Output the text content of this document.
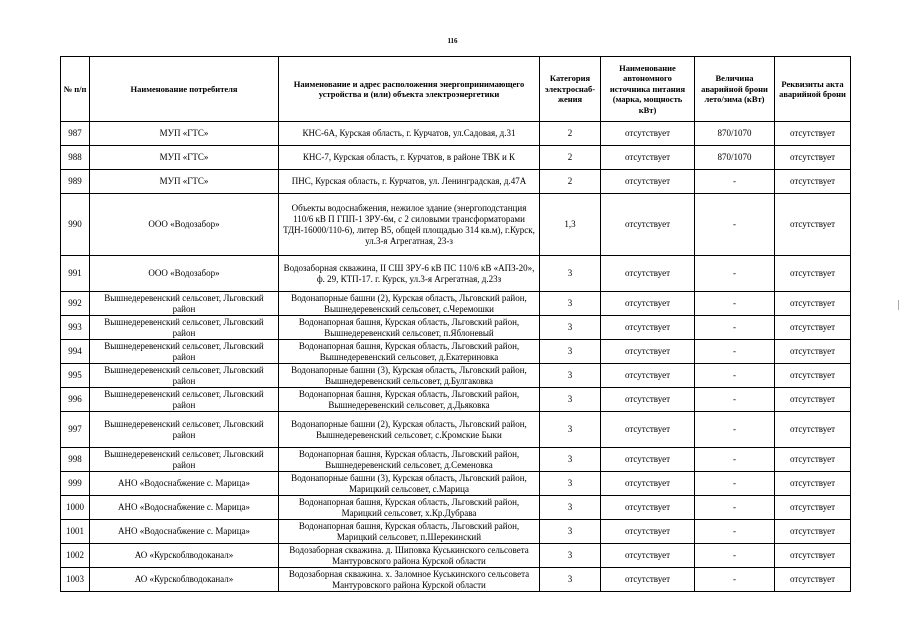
116
№ п/п	Наименование потребителя	Наименование и адрес расположения энергопринимающего устройства и (или) объекта электроэнергетики	Категория электроснаб-жения	Наименование автономного источника питания (марка, мощность кВт)	Величина аварийной брони лето/зима (кВт)	Реквизиты акта аварийной брони
987	МУП «ГТС»	КНС-6А, Курская область, г. Курчатов, ул.Садовая, д.31	2	отсутствует	870/1070	отсутствует
988	МУП «ГТС»	КНС-7, Курская область, г. Курчатов, в районе ТВК и К	2	отсутствует	870/1070	отсутствует
989	МУП «ГТС»	ПНС, Курская область, г. Курчатов, ул. Ленинградская, д.47А	2	отсутствует	-	отсутствует
990	ООО «Водозабор»	Объекты водоснабжения, нежилое здание (энергоподстанция 110/6 кВ П ГПП-1 ЗРУ-6м, с 2 силовыми трансформаторами ТДН-16000/110-6), литер В5, общей площадью 314 кв.м), г.Курск, ул.3-я Агрегатная, 23-з	1,3	отсутствует	-	отсутствует
991	ООО «Водозабор»	Водозаборная скважина, II СШ ЗРУ-6 кВ ПС 110/6 кВ «АПЗ-20», ф. 29, КТП-17. г. Курск, ул.3-я Агрегатная, д.23з	3	отсутствует	-	отсутствует
992	Вышнедеревенский сельсовет, Льговский район	Водонапорные башни (2), Курская область, Льговский район, Вышнедеревенский сельсовет, с.Черемошки	3	отсутствует	-	отсутствует
993	Вышнедеревенский сельсовет, Льговский район	Водонапорная башня, Курская область, Льговский район, Вышнедеревенский сельсовет, п.Яблоневый	3	отсутствует	-	отсутствует
994	Вышнедеревенский сельсовет, Льговский район	Водонапорная башня, Курская область, Льговский район, Вышнедеревенский сельсовет, д.Екатериновка	3	отсутствует	-	отсутствует
995	Вышнедеревенский сельсовет, Льговский район	Водонапорные башни (3), Курская область, Льговский район, Вышнедеревенский сельсовет, д.Булгаковка	3	отсутствует	-	отсутствует
996	Вышнедеревенский сельсовет, Льговский район	Водонапорная башня, Курская область, Льговский район, Вышнедеревенский сельсовет, д.Дьяковка	3	отсутствует	-	отсутствует
997	Вышнедеревенский сельсовет, Льговский район	Водонапорные башни (2), Курская область, Льговский район, Вышнедеревенский сельсовет, с.Кромские Быки	3	отсутствует	-	отсутствует
998	Вышнедеревенский сельсовет, Льговский район	Водонапорная башня, Курская область, Льговский район, Вышнедеревенский сельсовет, д.Семеновка	3	отсутствует	-	отсутствует
999	АНО «Водоснабжение с. Марица»	Водонапорные башни (3), Курская область, Льговский район, Марицкий сельсовет, с.Марица	3	отсутствует	-	отсутствует
1000	АНО «Водоснабжение с. Марица»	Водонапорная башня, Курская область, Льговский район, Марицкий сельсовет, х.Кр.Дубрава	3	отсутствует	-	отсутствует
1001	АНО «Водоснабжение с. Марица»	Водонапорная башня, Курская область, Льговский район, Марицкий сельсовет, п.Шерекинский	3	отсутствует	-	отсутствует
1002	АО «Курскоблводоканал»	Водозаборная скважина. д. Шиповка Куськинского сельсовета Мантуровского района Курской области	3	отсутствует	-	отсутствует
1003	АО «Курскоблводоканал»	Водозаборная скважина. х. Заломное Куськинского сельсовета Мантуровского района Курской области	3	отсутствует	-	отсутствует
